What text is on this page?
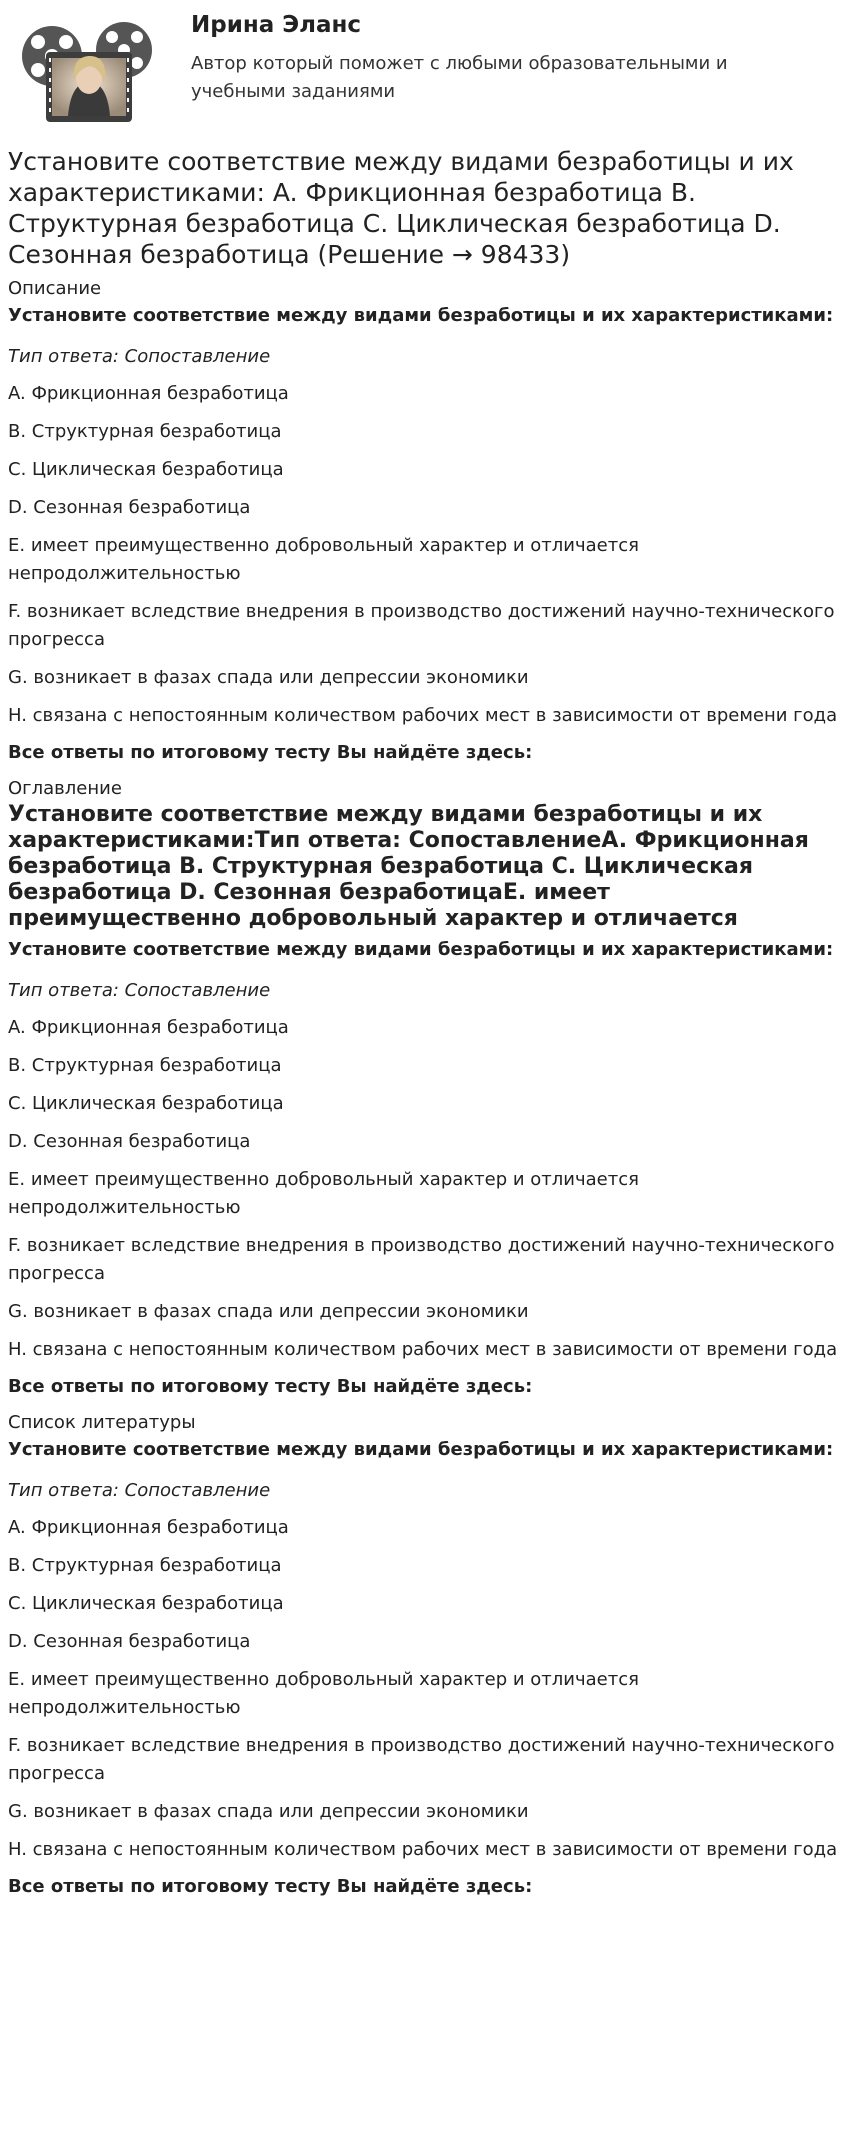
Ирина Эланс
Автор который поможет с любыми образовательными и учебными заданиями
Установите соответствие между видами безработицы и их характеристиками: A. Фрикционная безработица B. Структурная безработица C. Циклическая безработица D. Сезонная безработица (Решение → 98433)
Описание

Установите соответствие между видами безработицы и их характеристиками:

Тип ответа: Сопоставление

A. Фрикционная безработица

B. Структурная безработица

C. Циклическая безработица

D. Сезонная безработица

E. имеет преимущественно добровольный характер и отличается непродолжительностью

F. возникает вследствие внедрения в производство достижений научно-технического прогресса

G. возникает в фазах спада или депрессии экономики

H. связана с непостоянным количеством рабочих мест в зависимости от времени года

Все ответы по итоговому тесту Вы найдёте здесь:

Оглавление

Установите соответствие между видами безработицы и их характеристиками:Тип ответа: СопоставлениеA. Фрикционная безработица B. Структурная безработица C. Циклическая безработица D. Сезонная безработицаE. имеет преимущественно добровольный характер и отличается

Установите соответствие между видами безработицы и их характеристиками:

Тип ответа: Сопоставление

A. Фрикционная безработица

B. Структурная безработица

C. Циклическая безработица

D. Сезонная безработица

E. имеет преимущественно добровольный характер и отличается непродолжительностью

F. возникает вследствие внедрения в производство достижений научно-технического прогресса

G. возникает в фазах спада или депрессии экономики

H. связана с непостоянным количеством рабочих мест в зависимости от времени года

Все ответы по итоговому тесту Вы найдёте здесь:

Список литературы

Установите соответствие между видами безработицы и их характеристиками:

Тип ответа: Сопоставление

A. Фрикционная безработица

B. Структурная безработица

C. Циклическая безработица

D. Сезонная безработица

E. имеет преимущественно добровольный характер и отличается непродолжительностью

F. возникает вследствие внедрения в производство достижений научно-технического прогресса

G. возникает в фазах спада или депрессии экономики

H. связана с непостоянным количеством рабочих мест в зависимости от времени года

Все ответы по итоговому тесту Вы найдёте здесь:
